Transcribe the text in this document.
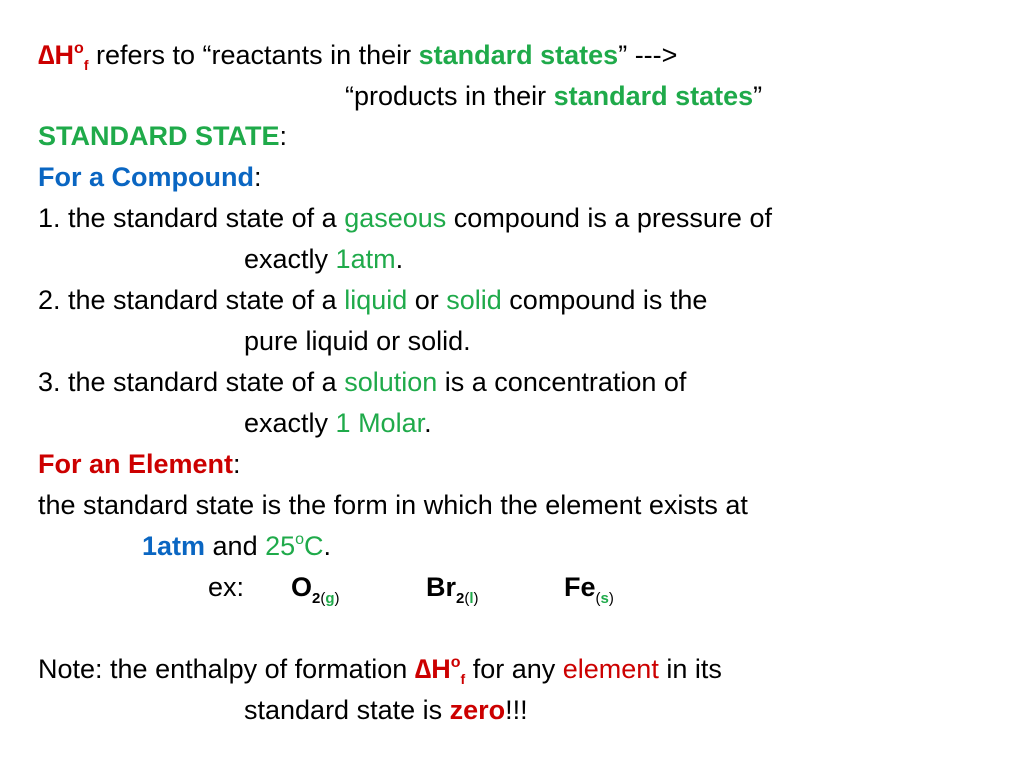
$\Delta H^o_f$ refers to “reactants in their standard states” --->
“products in their standard states”
STANDARD STATE:
For a Compound:
1. the standard state of a gaseous compound is a pressure of
exactly 1atm.
2. the standard state of a liquid or solid compound is the
pure liquid or solid.
3. the standard state of a solution is a concentration of
exactly 1 Molar.
For an Element:
the standard state is the form in which the element exists at
1atm and 25$^o$C.
ex: $O_{2(g)}$	$Br_{2(l)}$	$Fe_{(s)}$
Note: the enthalpy of formation $\Delta H^o_f$ for any element in its
standard state is zero!!!
